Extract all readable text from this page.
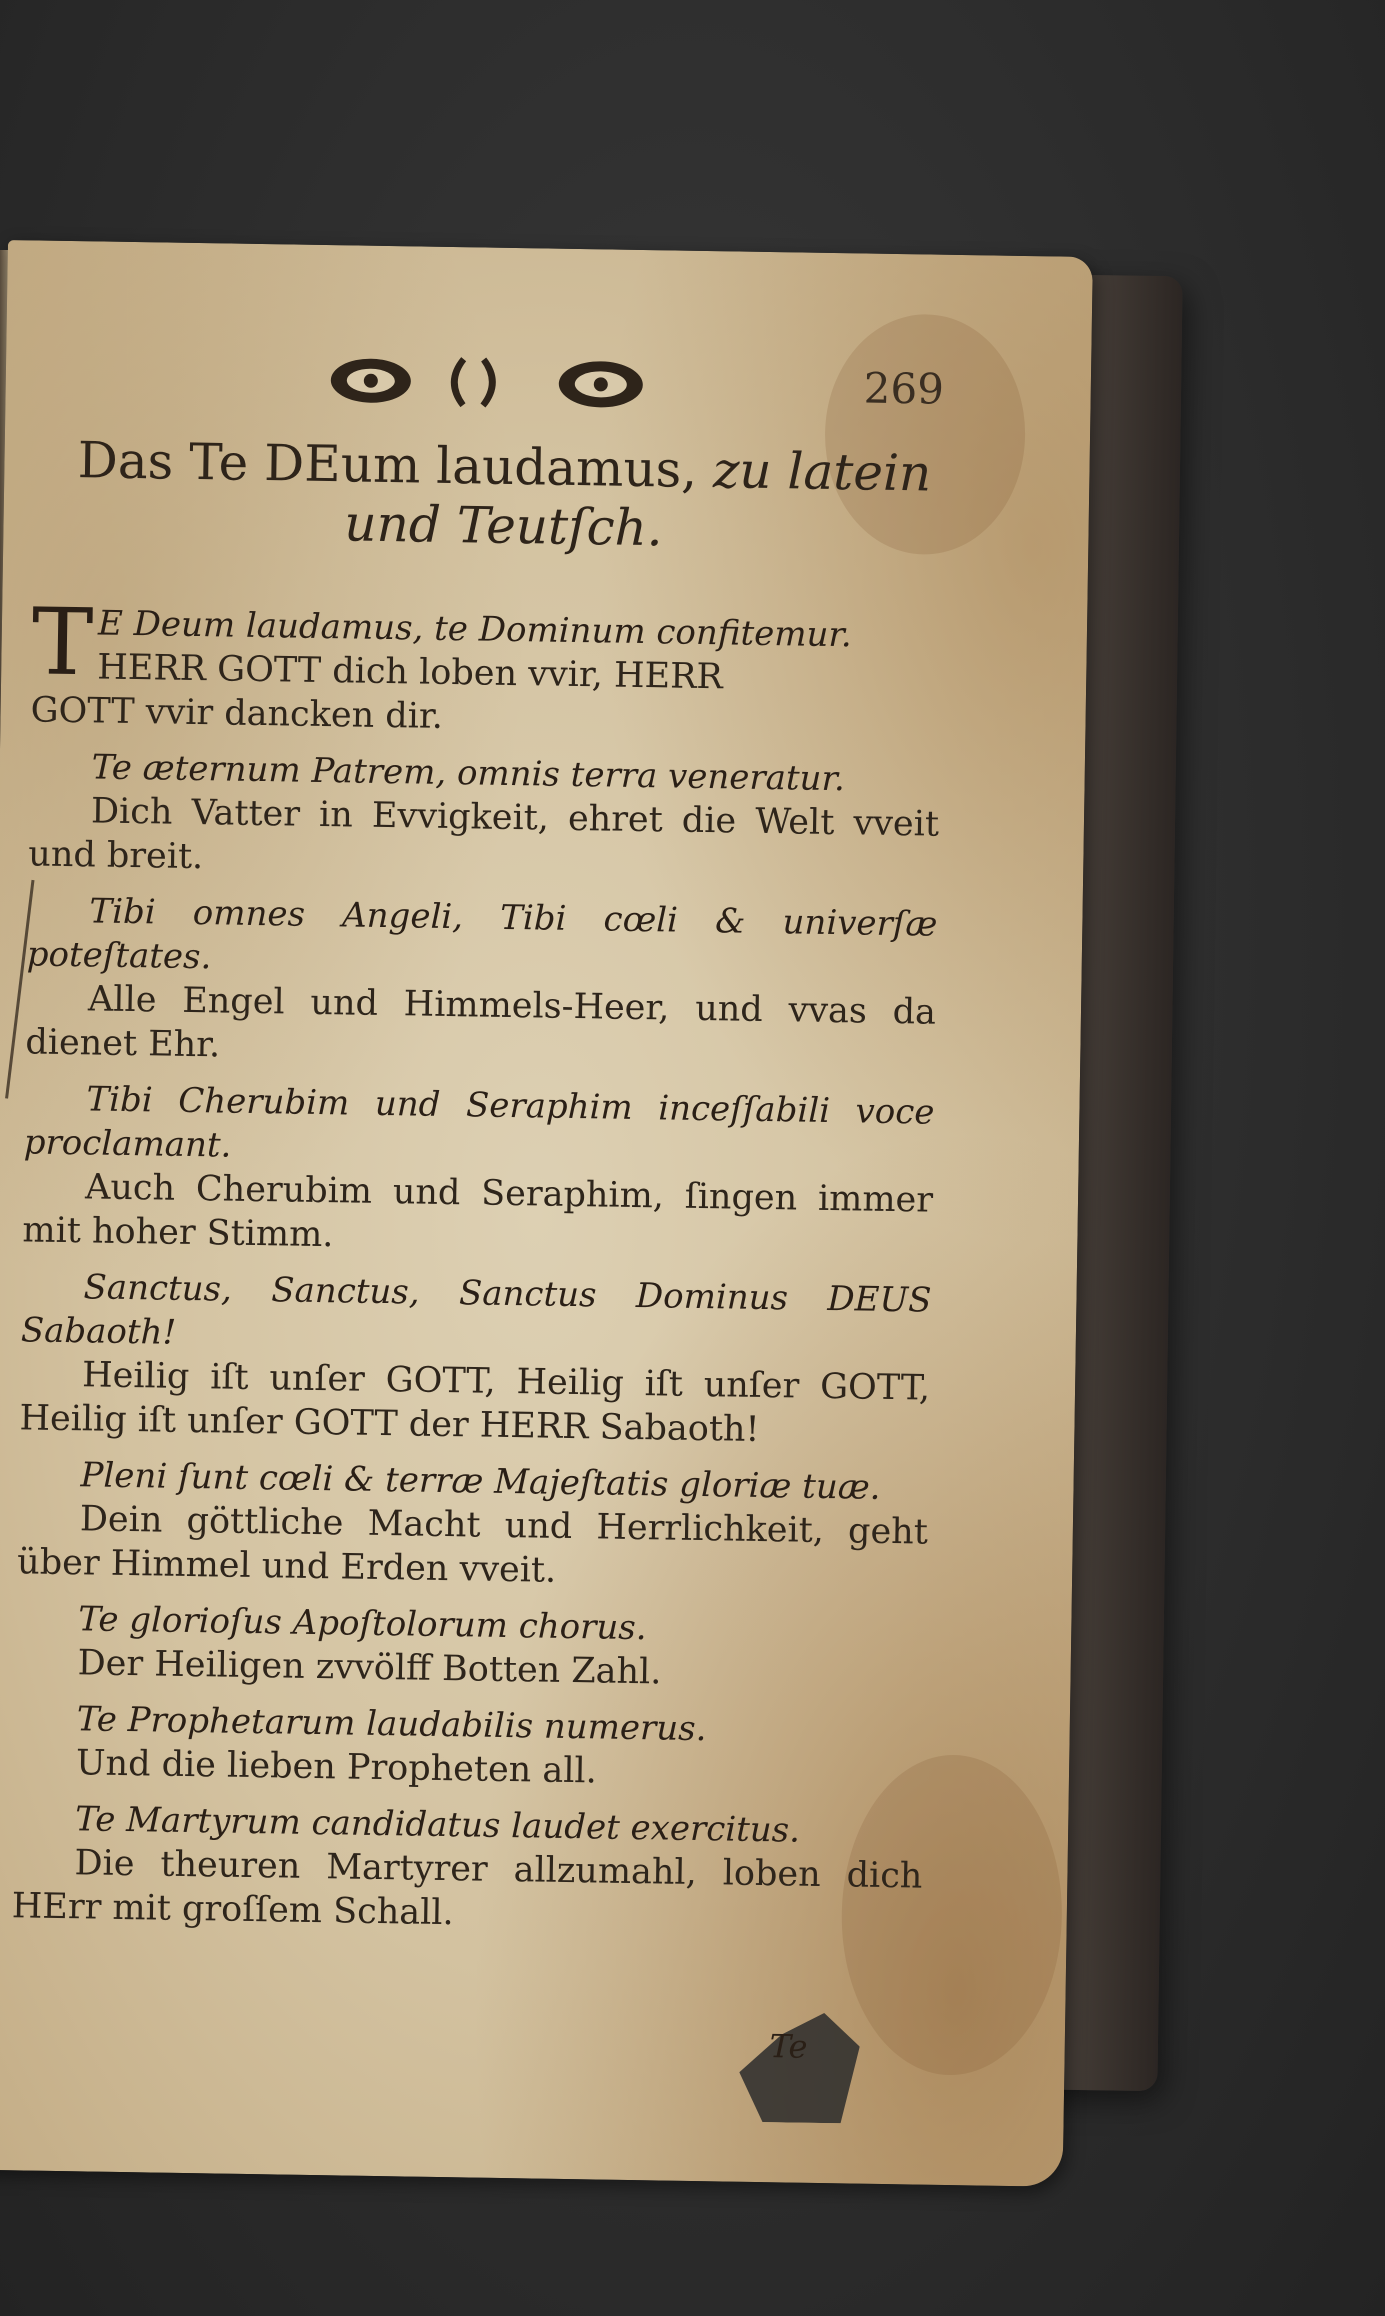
269
Das Te DEum laudamus, zu latein
und Teutſch.
T E Deum laudamus, te Dominum confitemur.
HERR GOTT dich loben vvir, HERR
GOTT vvir dancken dir.
Te æternum Patrem, omnis terra veneratur.
Dich Vatter in Evvigkeit, ehret die Welt vveit und breit.
Tibi omnes Angeli, Tibi cœli & univerſæ poteſtates.
Alle Engel und Himmels-Heer, und vvas da dienet Ehr.
Tibi Cherubim und Seraphim inceſſabili voce proclamant.
Auch Cherubim und Seraphim, ſingen immer mit hoher Stimm.
Sanctus, Sanctus, Sanctus Dominus DEUS Sabaoth!
Heilig iſt unſer GOTT, Heilig iſt unſer GOTT, Heilig iſt unſer GOTT der HERR Sabaoth!
Pleni ſunt cœli & terræ Majeſtatis gloriæ tuæ.
Dein göttliche Macht und Herrlichkeit, geht über Himmel und Erden vveit.
Te glorioſus Apoſtolorum chorus.
Der Heiligen zvvölff Botten Zahl.
Te Prophetarum laudabilis numerus.
Und die lieben Propheten all.
Te Martyrum candidatus laudet exercitus.
Die theuren Martyrer allzumahl, loben dich HErr mit groſſem Schall.
Te
